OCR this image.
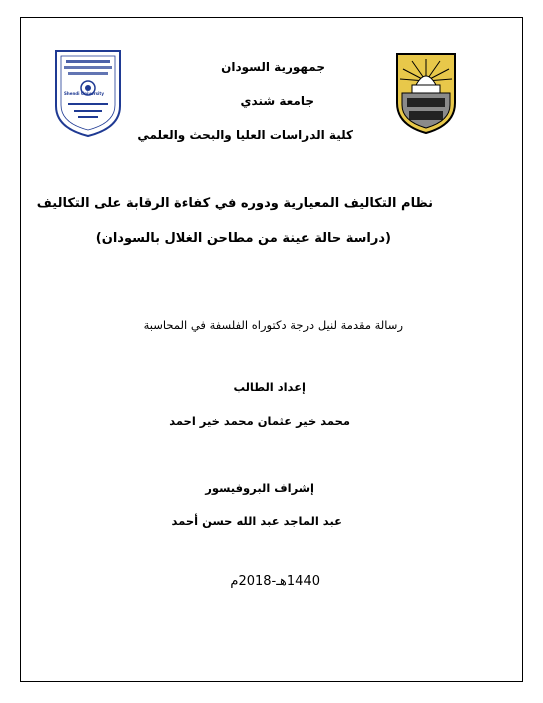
Shendi University
جمهورية السودان
جامعة شندي
كلية الدراسات العليا والبحث والعلمي
نظام التكاليف المعيارية ودوره في كفاءة الرقابة على التكاليف
(دراسة حالة عينة من مطاحن الغلال بالسودان)
رسالة مقدمة لنيل درجة دكتوراه الفلسفة في المحاسبة
إعداد الطالب
محمد خير عثمان محمد خير احمد
إشراف البروفيسور
عبد الماجد عبد الله حسن أحمد
1440هـ-2018م
